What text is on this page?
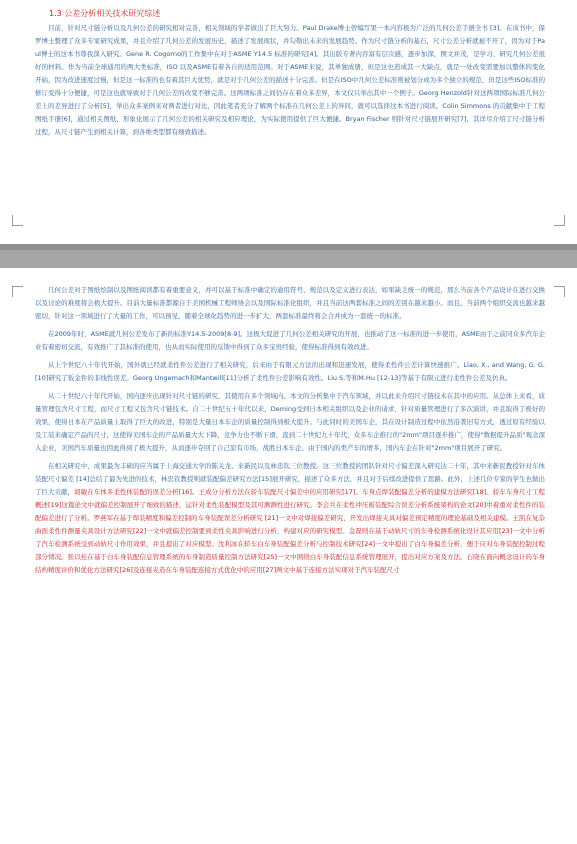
1.3 公差分析相关技术研究综述

目前，针对尺寸链分析以及几何公差的研究相对完善，相关领域的学者做出了巨大努力。Paul Drake博士曾编写果一本内容极为广泛的几何公差手册全书 [3]。在该书中，保罗博士整理了众多专家研究成果，并且介绍了几何公差的发展历史，描述了发展现状，并勾勒出未来的发展趋势。作为尺寸链分析的基石，尺寸公差分析就被不开了，因为对于Paul博士的这本书尊我深入研究。Gene R. Cogorno的工作集中在对于ASME Y14.5 标准的研究[4]。其出版专著内容富有层次感，逐步加深，图文并茂，是学习、研究几何公差很好的材料。作为当前全球通用的两大类标准，ISO 以及ASME有着各自的适用范围。对于ASME来说，其单独成册，但是这也造成其一大缺点，就是一处改变需要加以整体的变化开始，因为改进速度过慢，但是这一标准的也有着其巨大优势，就是对于几何公差的描述十分完善。但是在ISO中几何公差标准则被划分成为多个独立的规范，但是这些ISO标准的修订变得十分便捷，可是这也就导致对于几何公差的改变不够完善。这两项标准之间仍存在着众多差异，本文仅只举出其中一个例子。Georg Henzold针对这两项国际标准几何公差上的差异进行了分析[5]，举出众多案例来对两者进行对比，因此笔者充分了解两个标准在几何公差上的异同，就可以选择这本书进行阅读。Colin Simmons 的贡献集中于工程图纸手册[6]，通过相关图纸，形象化展示了几何公差的相关研究及相应理论，为实际使用提供了巨大便捷。Bryan Fischer 则针对尺寸链展开研究[7]，其详尽介绍了尺寸链分析过程，从尺寸链产生到相关计算，到各维类型都有细致描述。

几何公差对于图纸绘制以及图纸阅读都有着重要意义，并可以基于标准中确定的通用符号、规范以及定义进行表达，如果缺乏统一的规范，那么当前各个产品设计在进行交换以及讨论的难度将会极大提升。目前大量标准都源自于美国机械工程师协会以及国际标准化组织，并且当前这两套标准之间的差别在越来越小。而且，当前两个组织交流也越来越密切，针对这一领域进行了大量的工作，可以预见，随着全球化趋势的进一步扩大，两套标准最终将会合并成为一套统一的标准。

在2009年时，ASME就几何公差发布了新的标准Y14.5-2009[8-9]。这极大促进了几何公差相关研究的开展，也推动了这一标准的进一步使用，ASME由于之前同众多汽车企业有着密切交流，有效推广了其标准的使用，也从而实际使用的反馈中得到了众多宝贵经验，使得标准得到有效改进。

从上个世纪八十年代开始，国外就已经就柔性件公差进行了相关研究，后来由于有限元方法的出现和迅速发展，使得柔性件公差计算快速推广。Liao, X., and Wang, G. G.[10]研究了钣金件的非线性误差。Georg Ungemach和Mantwill[11]分析了柔性件公差影响有效性。Liu S.等和M.Hu [12-13]等基于有限元进行柔性件公差及仿真。

从二十世纪六十年代开始，国内逐步出现针对尺寸链的研究，其使用在多个领域内。本文的分析集中于汽车领域，并以此来介绍尺寸链技术在其中的应用。从总体上来看，质量管理包含尺寸工程，而尺寸工程又包含尺寸链技术。自二十世纪五十年代以来，Deming受到日本相关组织以及企业的请求，针对质量管理进行了多次演讲，并且取得了极好的效果，使得日本在产品质量上取得了巨大的改进，特别是大量日本车企的质量控制得到极大提升。与此同时的美国车企，其在设计制造过程中依然沿袭旧有方式，透过原有经验以及工装来确定产品的尺寸，这使得美国车企的产品质量大大下降，竞争力也不断下滑，直到二十世纪九十年代，众多车企推行的"2mm"项目逐步推广，使得"数据提升品质"观念深入企业，美国汽车质量也因此得到了极大提升，从而逐步夺回了自己原有市场，战胜日本车企。由于国内的类产车的增多，国内车企在针对"2mm"项目展开了研究。

在相关研究中，成果最为丰硕的应当属于上海交通大学的陈关龙、来新民以及林忠钦三位教授。这三位教授的团队针对尺寸偏差深入研究达二十年，其中来新民教授针对车体装配尺寸偏差 [14]总结了最为先进的技术，林忠钦教授则就装配偏差研究方法[15]展开研究，描述了众多方法，并且对于后续改进提供了思路。此外，上述几位专家的学生也做出了巨大贡献，胡敏在车体多柔性体装配的误差分析[16]。王成分分析方法在轿车装配尺寸偏差中的应用研究[17]。车身点焊装配偏差分析的建模方法研究[18]。轿车车身尺寸工程概述[19]这篇论文中就偏差控制展开了细致的描述，运针对柔性装配模型及其可测测性进行研究。李会兵在柔性冲压板装配综合误差分析系统架构的论文[20]中着重对柔性件的装配偏差进行了分析。罗燕军在基于焊装精度和偏差控制的车身装配误差分析研究 [21]一文中对焊接偏差研究，开发出焊接夹具对偏差预定精度的理论基础及相关建模。王凯在复杂曲面柔性件测量夹具设计方法研究[22]一文中就偏差控制要到柔性夹具影响进行分析，构建对应的研究模型。金磊则在基于动轨尺寸的车身检测系统化设计其应用[23]一文中分析了汽车检测系统受到动轨尺寸作用效果，并且提出了对应模型。沈利冰在轿车白车身装配偏差分析与控制技术研究[24]一文中提出了白车身偏差分析，便于应对车身装配控制过程部分情况。张以桂在基于白车身装配信息管理系统的车身制造质量控制方法研究[25]一文中围绕白车身装配信息系统管理展开，提出对应方案及方法。石晓在面向概念设计的车身结构精度评价和优化方法研究[26]及连接夹造在车身装配连接方式优化中的应用[27]两文中基于连接方法实现对于汽车装配尺寸
